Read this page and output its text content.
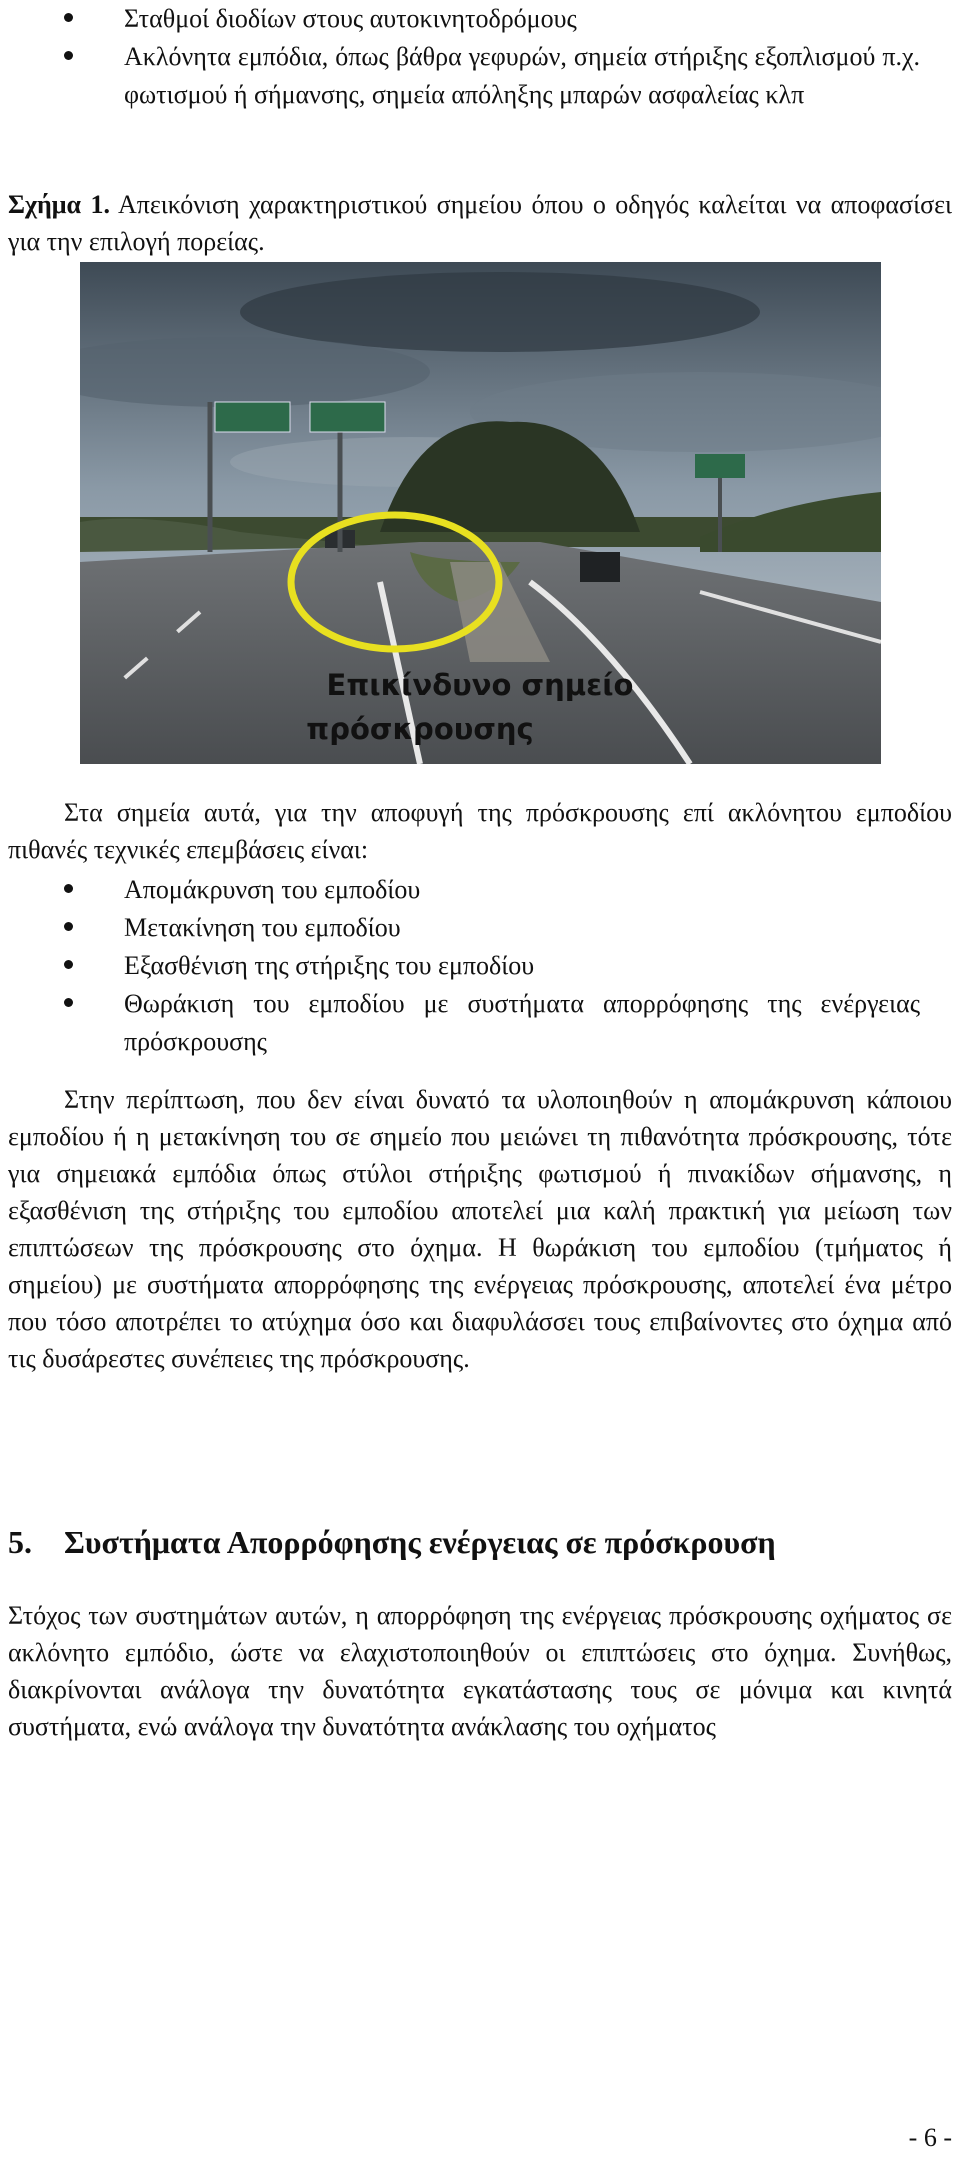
Σταθμοί διοδίων στους αυτοκινητοδρόμους
Ακλόνητα εμπόδια, όπως βάθρα γεφυρών, σημεία στήριξης εξοπλισμού π.χ. φωτισμού ή σήμανσης, σημεία απόληξης μπαρών ασφαλείας κλπ
Σχήμα 1. Απεικόνιση χαρακτηριστικού σημείου όπου ο οδηγός καλείται να αποφασίσει για την επιλογή πορείας.
Επικίνδυνο σημείο
πρόσκρουσης

Στα σημεία αυτά, για την αποφυγή της πρόσκρουσης επί ακλόνητου εμποδίου πιθανές τεχνικές επεμβάσεις είναι:

Απομάκρυνση του εμποδίου
Μετακίνηση του εμποδίου
Εξασθένιση της στήριξης του εμποδίου
Θωράκιση του εμποδίου με συστήματα απορρόφησης της ενέργειας πρόσκρουσης

Στην περίπτωση, που δεν είναι δυνατό τα υλοποιηθούν η απομάκρυνση κάποιου εμποδίου ή η μετακίνηση του σε σημείο που μειώνει τη πιθανότητα πρόσκρουσης, τότε για σημειακά εμπόδια όπως στύλοι στήριξης φωτισμού ή πινακίδων σήμανσης, η εξασθένιση της στήριξης του εμποδίου αποτελεί μια καλή πρακτική για μείωση των επιπτώσεων της πρόσκρουσης στο όχημα. Η θωράκιση του εμποδίου (τμήματος ή σημείου) με συστήματα απορρόφησης της ενέργειας πρόσκρουσης, αποτελεί ένα μέτρο που τόσο αποτρέπει το ατύχημα όσο και διαφυλάσσει τους επιβαίνοντες στο όχημα από τις δυσάρεστες συνέπειες της πρόσκρουσης.

5. Συστήματα Απορρόφησης ενέργειας σε πρόσκρουση

Στόχος των συστημάτων αυτών, η απορρόφηση της ενέργειας πρόσκρουσης οχήματος σε ακλόνητο εμπόδιο, ώστε να ελαχιστοποιηθούν οι επιπτώσεις στο όχημα. Συνήθως, διακρίνονται ανάλογα την δυνατότητα εγκατάστασης τους σε μόνιμα και κινητά συστήματα, ενώ ανάλογα την δυνατότητα ανάκλασης του οχήματος

- 6 -
